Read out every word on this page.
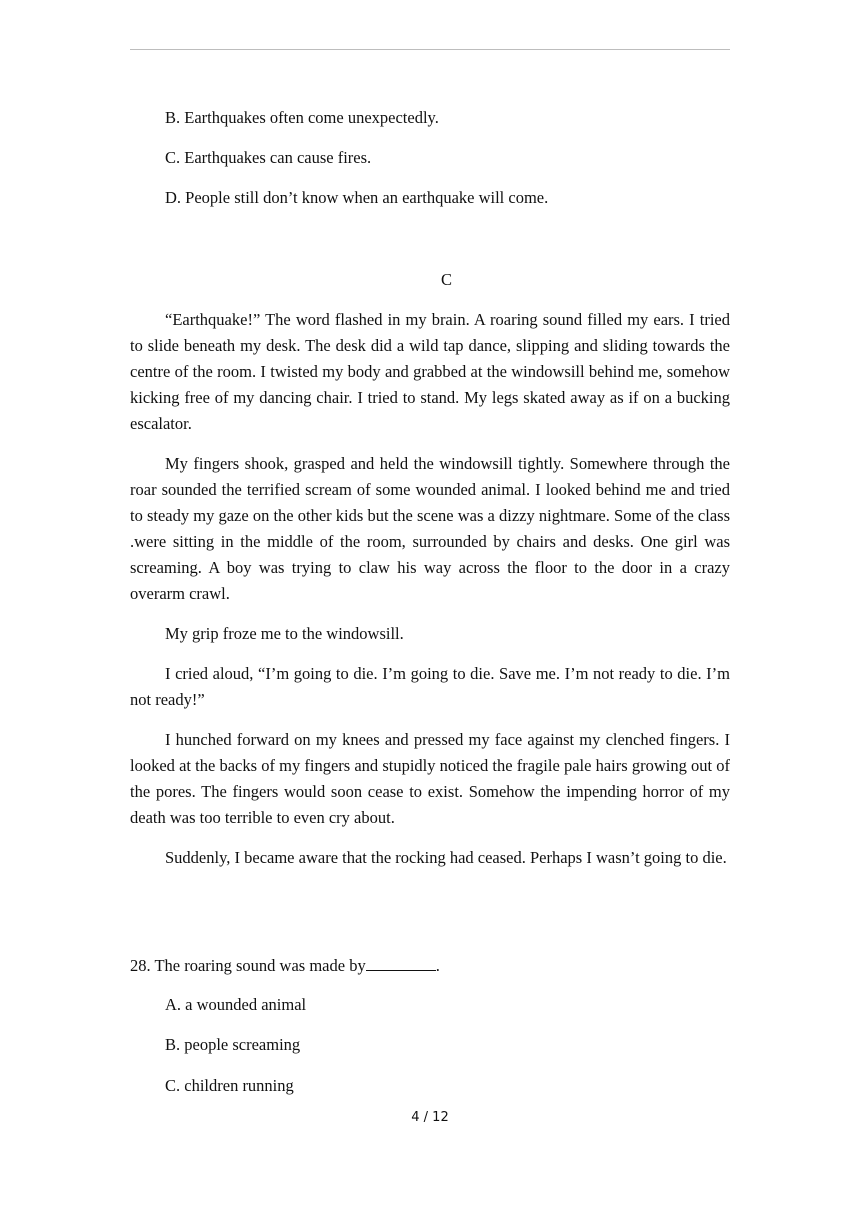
B. Earthquakes often come unexpectedly.
C. Earthquakes can cause fires.
D. People still don’t know when an earthquake will come.
C
“Earthquake!” The word flashed in my brain. A roaring sound filled my ears. I tried to slide beneath my desk. The desk did a wild tap dance, slipping and sliding towards the centre of the room. I twisted my body and grabbed at the windowsill behind me, somehow kicking free of my dancing chair. I tried to stand. My legs skated away as if on a bucking escalator.
My fingers shook, grasped and held the windowsill tightly. Somewhere through the roar sounded the terrified scream of some wounded animal. I looked behind me and tried to steady my gaze on the other kids but the scene was a dizzy nightmare. Some of the class .were sitting in the middle of the room, surrounded by chairs and desks. One girl was screaming. A boy was trying to claw his way across the floor to the door in a crazy overarm crawl.
My grip froze me to the windowsill.
I cried aloud, “I’m going to die. I’m going to die. Save me. I’m not ready to die. I’m not ready!”
I hunched forward on my knees and pressed my face against my clenched fingers. I looked at the backs of my fingers and stupidly noticed the fragile pale hairs growing out of the pores. The fingers would soon cease to exist. Somehow the impending horror of my death was too terrible to even cry about.
Suddenly, I became aware that the rocking had ceased. Perhaps I wasn’t going to die.
28. The roaring sound was made by	.
A. a wounded animal
B. people screaming
C. children running
4 / 12
